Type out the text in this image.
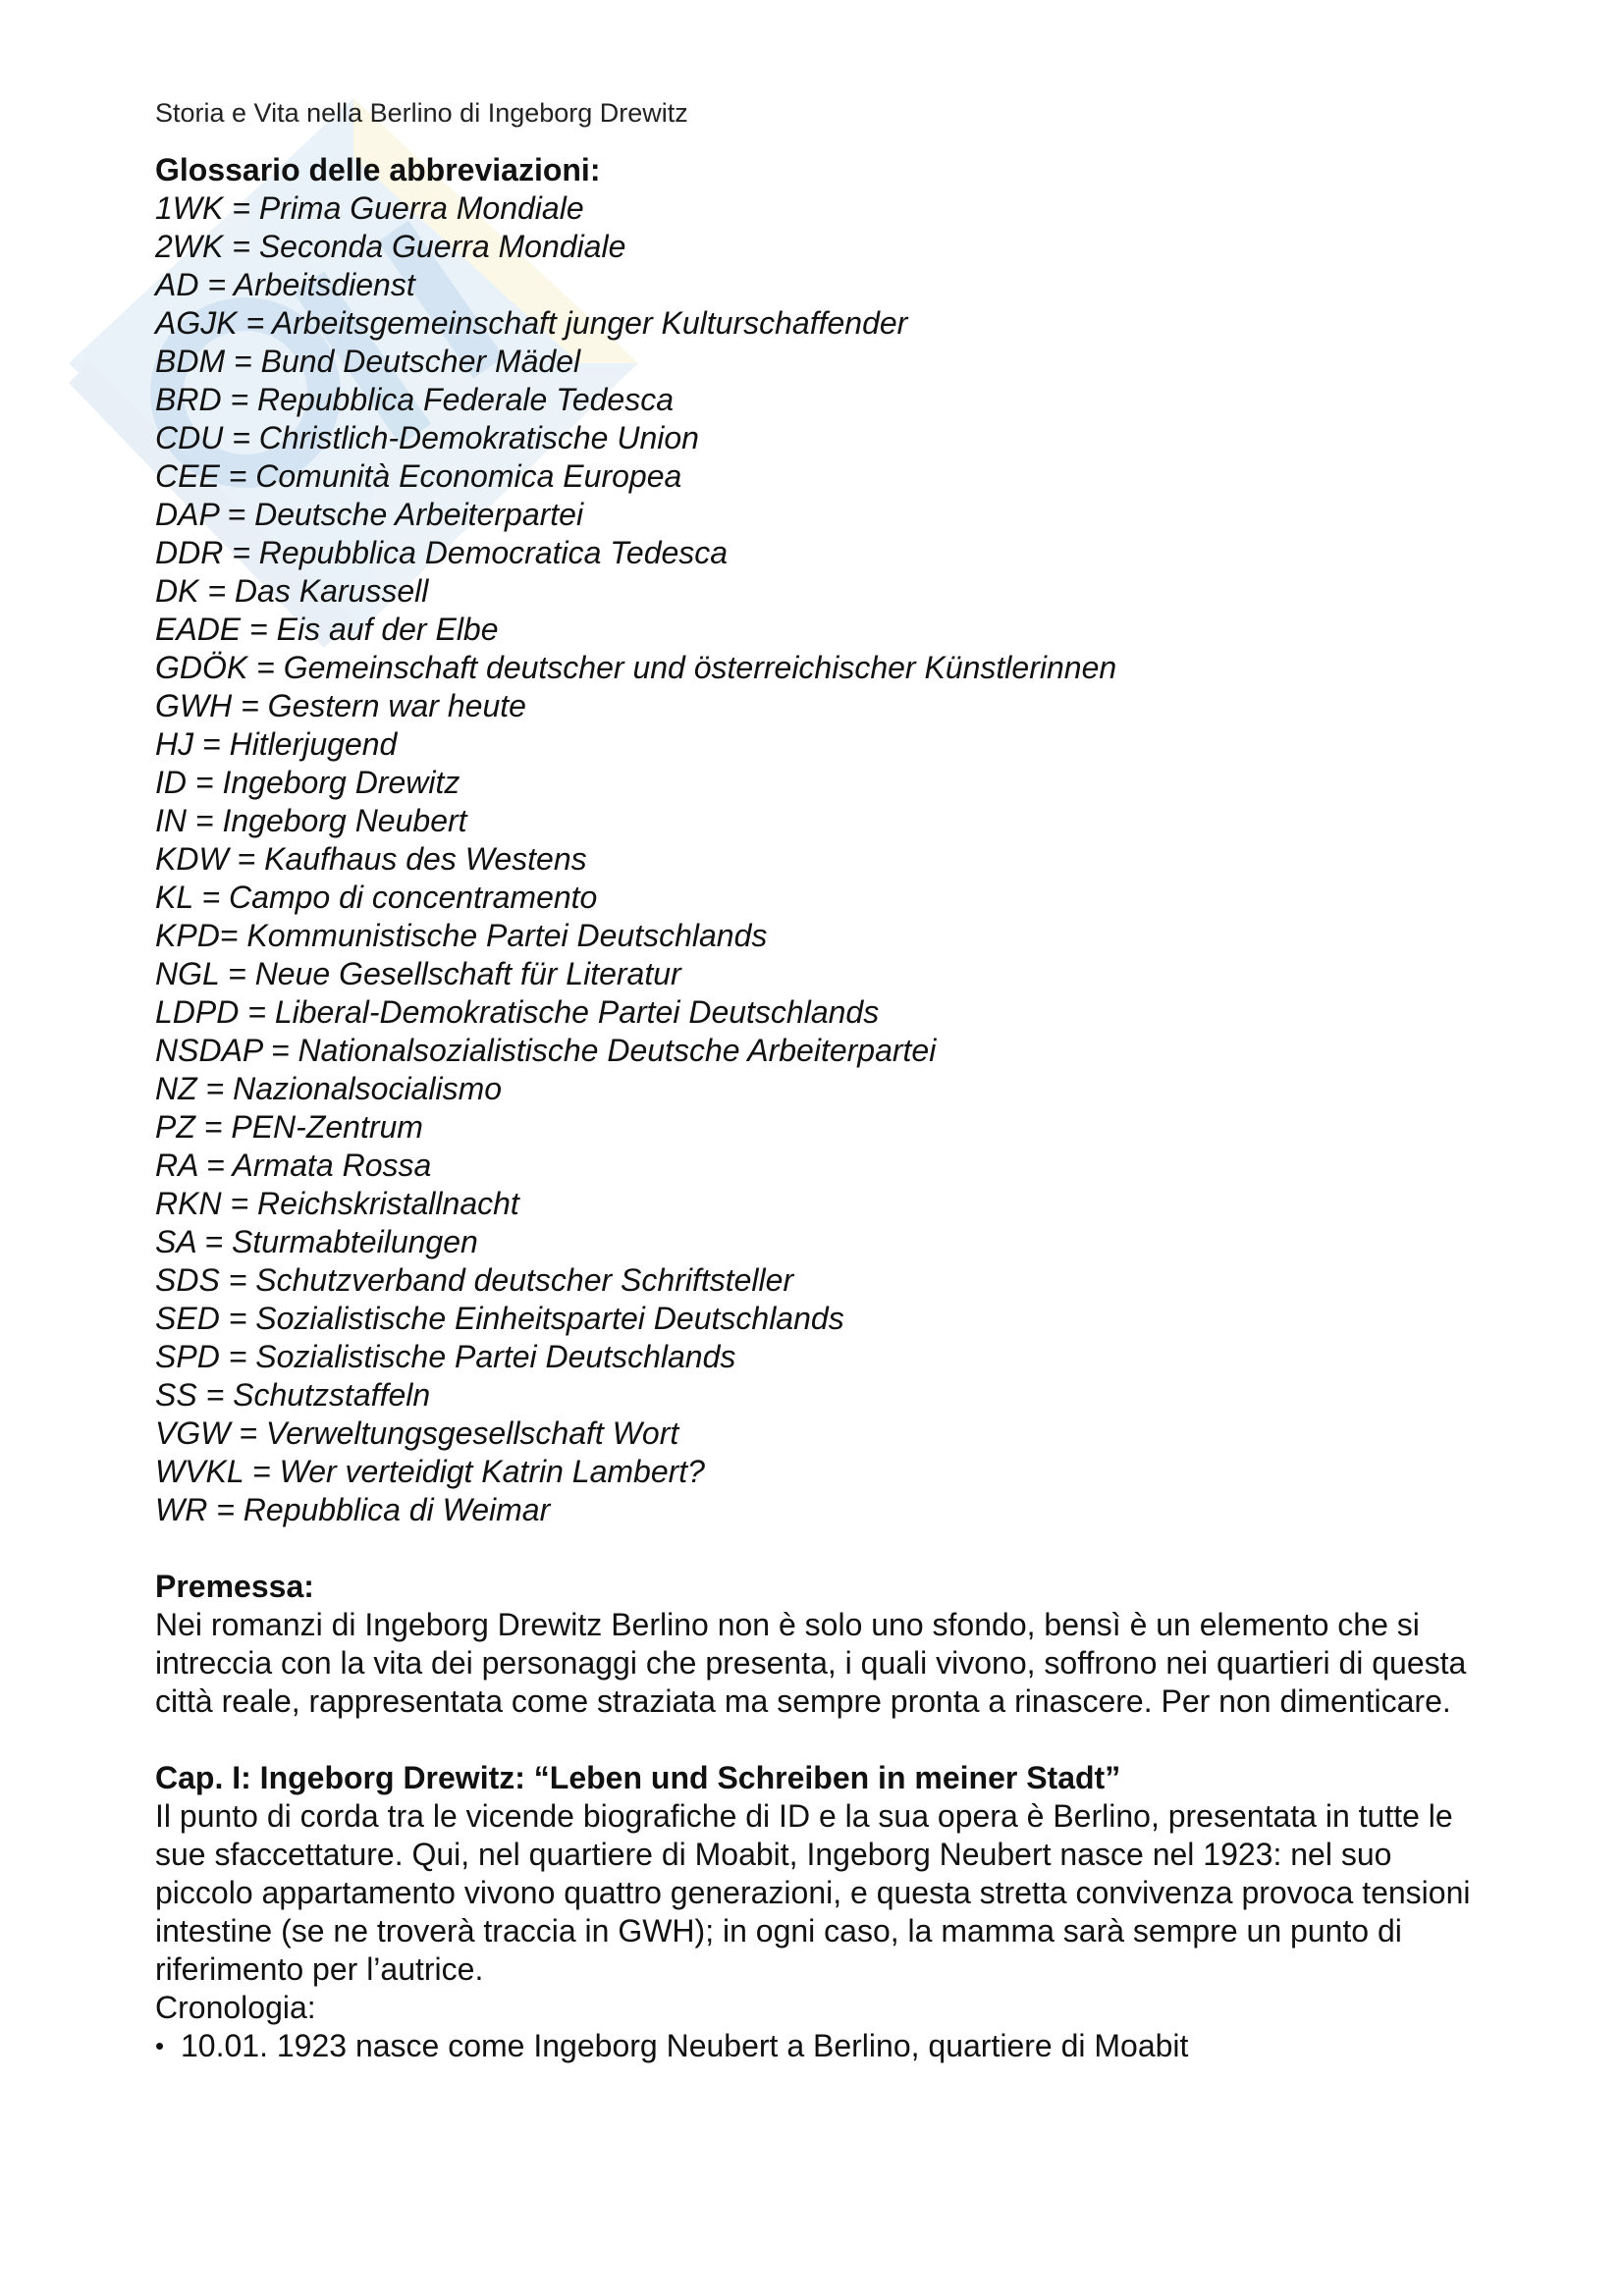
Storia e Vita nella Berlino di Ingeborg Drewitz
Glossario delle abbreviazioni:
1WK = Prima Guerra Mondiale
2WK = Seconda Guerra Mondiale
AD = Arbeitsdienst
AGJK = Arbeitsgemeinschaft junger Kulturschaffender
BDM = Bund Deutscher Mädel
BRD = Repubblica Federale Tedesca
CDU = Christlich-Demokratische Union
CEE = Comunità Economica Europea
DAP = Deutsche Arbeiterpartei
DDR = Repubblica Democratica Tedesca
DK = Das Karussell
EADE = Eis auf der Elbe
GDÖK = Gemeinschaft deutscher und österreichischer Künstlerinnen
GWH = Gestern war heute
HJ = Hitlerjugend
ID = Ingeborg Drewitz
IN = Ingeborg Neubert
KDW = Kaufhaus des Westens
KL = Campo di concentramento
KPD= Kommunistische Partei Deutschlands
NGL = Neue Gesellschaft für Literatur
LDPD = Liberal-Demokratische Partei Deutschlands
NSDAP = Nationalsozialistische Deutsche Arbeiterpartei
NZ = Nazionalsocialismo
PZ = PEN-Zentrum
RA = Armata Rossa
RKN = Reichskristallnacht
SA = Sturmabteilungen
SDS = Schutzverband deutscher Schriftsteller
SED = Sozialistische Einheitspartei Deutschlands
SPD = Sozialistische Partei Deutschlands
SS = Schutzstaffeln
VGW = Verweltungsgesellschaft Wort
WVKL = Wer verteidigt Katrin Lambert?
WR = Repubblica di Weimar
Premessa:

Nei romanzi di Ingeborg Drewitz Berlino non è solo uno sfondo, bensì è un elemento che si intreccia con la vita dei personaggi che presenta, i quali vivono, soffrono nei quartieri di questa città reale, rappresentata come straziata ma sempre pronta a rinascere. Per non dimenticare.

Cap. I: Ingeborg Drewitz: “Leben und Schreiben in meiner Stadt”

Il punto di corda tra le vicende biografiche di ID e la sua opera è Berlino, presentata in tutte le sue sfaccettature. Qui, nel quartiere di Moabit, Ingeborg Neubert nasce nel 1923: nel suo piccolo appartamento vivono quattro generazioni, e questa stretta convivenza provoca tensioni intestine (se ne troverà traccia in GWH); in ogni caso, la mamma sarà sempre un punto di riferimento per l’autrice.

Cronologia:

• 10.01. 1923 nasce come Ingeborg Neubert a Berlino, quartiere di Moabit
